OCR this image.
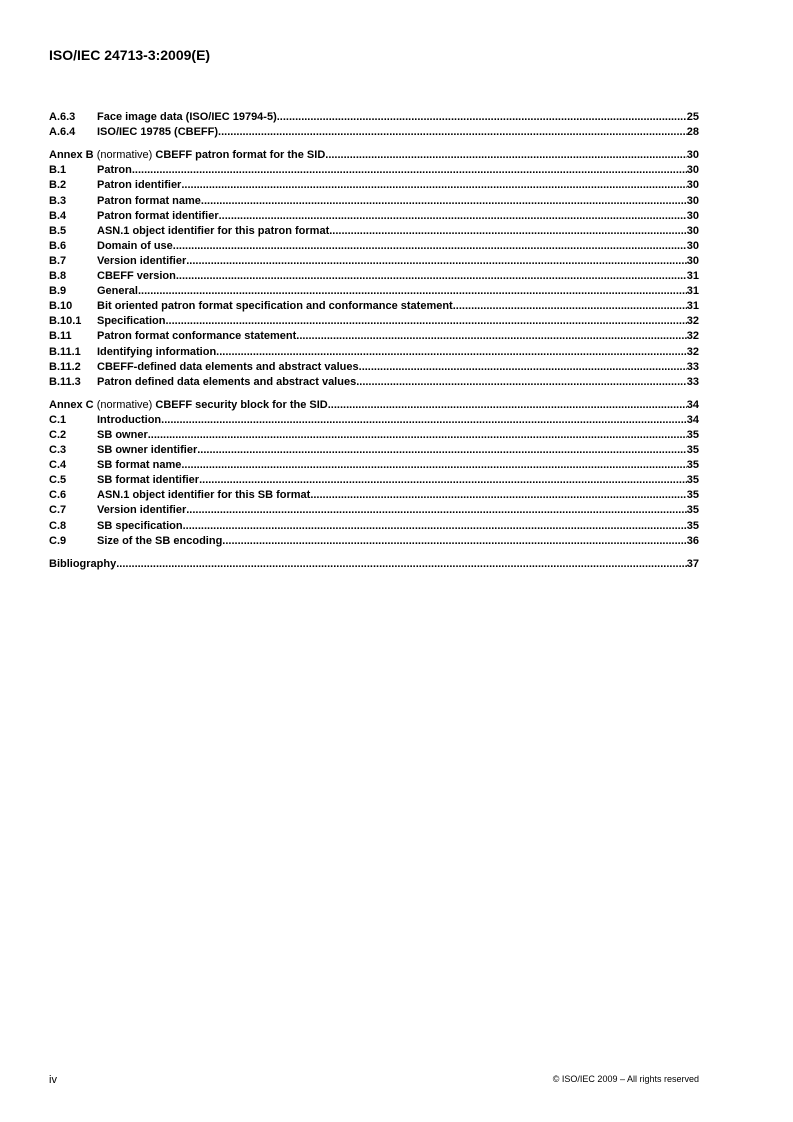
ISO/IEC 24713-3:2009(E)
A.6.3	Face image data (ISO/IEC 19794-5) .....	25
A.6.4	ISO/IEC 19785 (CBEFF) .....	28
Annex B (normative) CBEFF patron format for the SID .....	30
B.1	Patron .....	30
B.2	Patron identifier .....	30
B.3	Patron format name .....	30
B.4	Patron format identifier .....	30
B.5	ASN.1 object identifier for this patron format .....	30
B.6	Domain of use .....	30
B.7	Version identifier .....	30
B.8	CBEFF version .....	31
B.9	General .....	31
B.10	Bit oriented patron format specification and conformance statement .....	31
B.10.1	Specification .....	32
B.11	Patron format conformance statement .....	32
B.11.1	Identifying information .....	32
B.11.2	CBEFF-defined data elements and abstract values .....	33
B.11.3	Patron defined data elements and abstract values .....	33
Annex C (normative) CBEFF security block for the SID .....	34
C.1	Introduction .....	34
C.2	SB owner .....	35
C.3	SB owner identifier .....	35
C.4	SB format name .....	35
C.5	SB format identifier .....	35
C.6	ASN.1 object identifier for this SB format .....	35
C.7	Version identifier .....	35
C.8	SB specification .....	35
C.9	Size of the SB encoding .....	36
Bibliography .....	37
iv	© ISO/IEC 2009 – All rights reserved
